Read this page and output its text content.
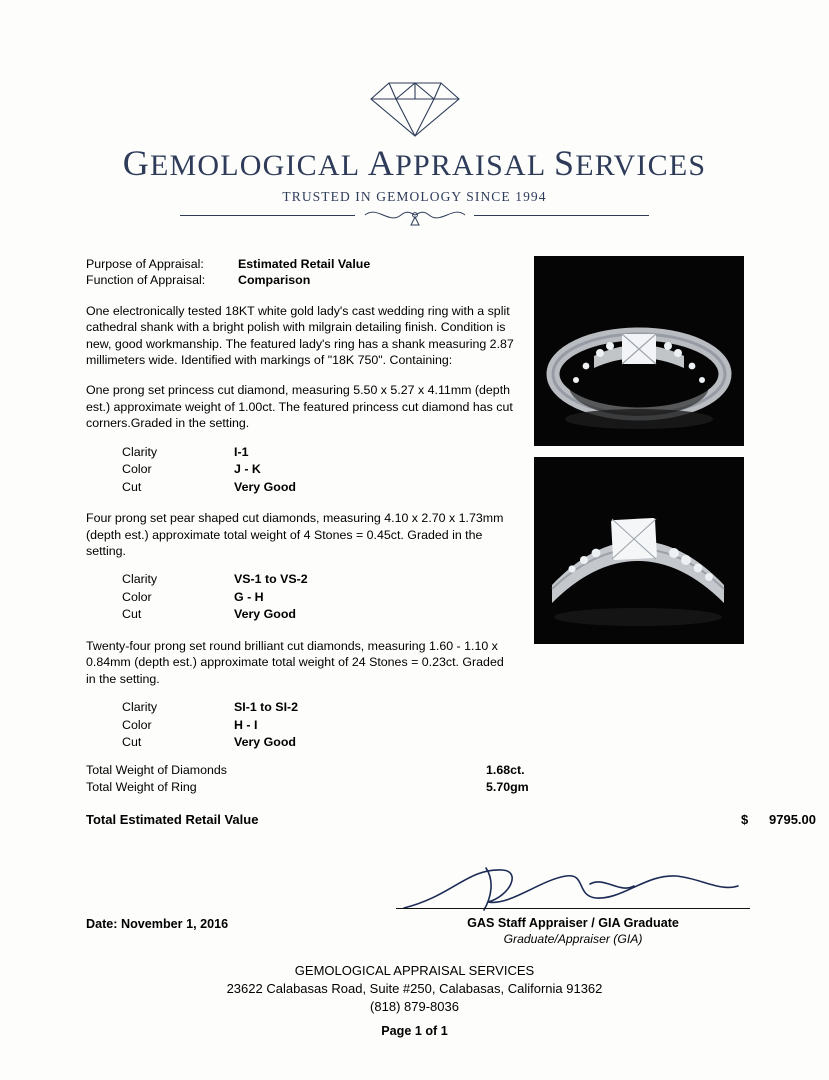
GEMOLOGICAL APPRAISAL SERVICES
TRUSTED IN GEMOLOGY SINCE 1994
Purpose of Appraisal:	Estimated Retail Value
Function of Appraisal:	Comparison

One electronically tested 18KT white gold lady's cast wedding ring with a split cathedral shank with a bright polish with milgrain detailing finish. Condition is new, good workmanship. The featured lady's ring has a shank measuring 2.87 millimeters wide. Identified with markings of "18K 750". Containing:

One prong set princess cut diamond, measuring 5.50 x 5.27 x 4.11mm (depth est.) approximate weight of 1.00ct. The featured princess cut diamond has cut corners.Graded in the setting.

Clarity	I-1
Color	J - K
Cut	Very Good

Four prong set pear shaped cut diamonds, measuring 4.10 x 2.70 x 1.73mm (depth est.) approximate total weight of 4 Stones = 0.45ct. Graded in the setting.

Clarity	VS-1 to VS-2
Color	G - H
Cut	Very Good

Twenty-four prong set round brilliant cut diamonds, measuring 1.60 - 1.10 x 0.84mm (depth est.) approximate total weight of 24 Stones = 0.23ct. Graded in the setting.

Clarity	SI-1 to SI-2
Color	H - I
Cut	Very Good
Total Weight of Diamonds	1.68ct.
Total Weight of Ring	5.70gm
Total Estimated Retail Value	$	9795.00
GAS Staff Appraiser / GIA Graduate
Graduate/Appraiser (GIA)
Date: November 1, 2016
GEMOLOGICAL APPRAISAL SERVICES
23622 Calabasas Road, Suite #250, Calabasas, California 91362
(818) 879-8036
Page 1 of 1
